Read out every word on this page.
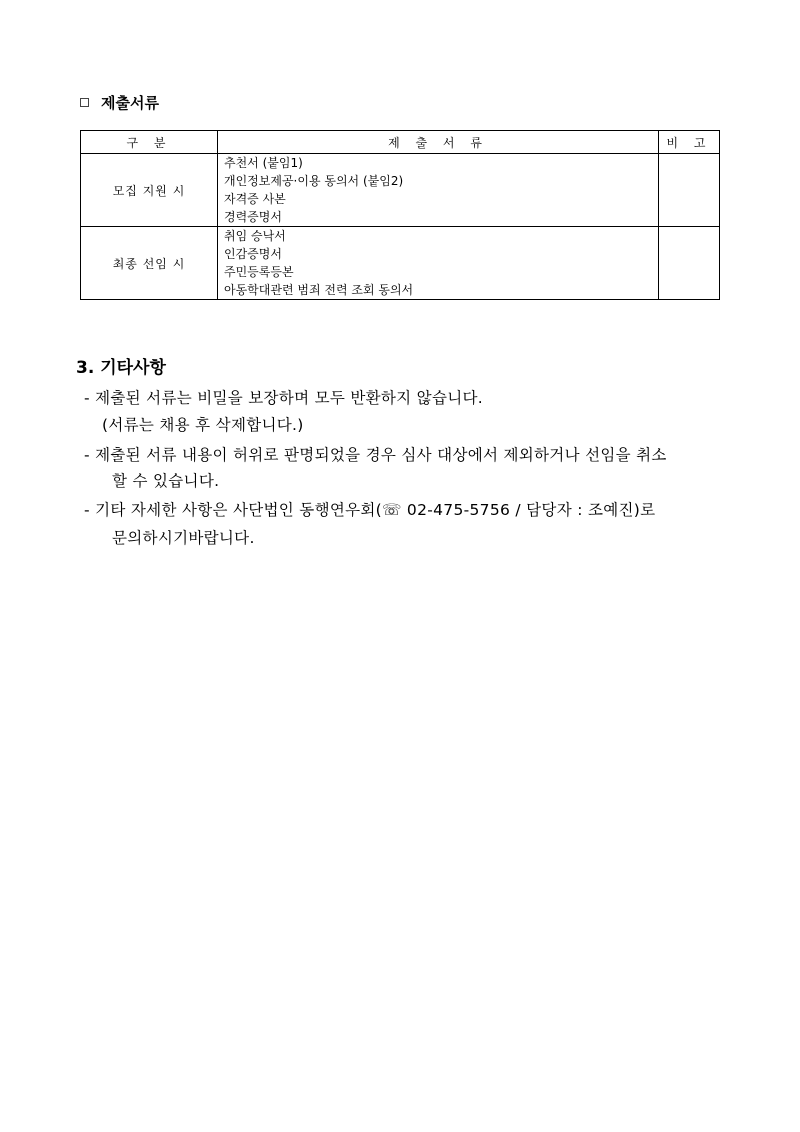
제출서류
구 분	제 출 서 류	비 고
모집 지원 시	추천서 (붙임1)
개인정보제공·이용 동의서 (붙임2)
자격증 사본
경력증명서	

최종 선임 시	취임 승낙서
인감증명서
주민등록등본
아동학대관련 범죄 전력 조회 동의서	

3. 기타사항
- 제출된 서류는 비밀을 보장하며 모두 반환하지 않습니다.
(서류는 채용 후 삭제합니다.)
- 제출된 서류 내용이 허위로 판명되었을 경우 심사 대상에서 제외하거나 선임을 취소
할 수 있습니다.
- 기타 자세한 사항은 사단법인 동행연우회(☏ 02-475-5756 / 담당자 : 조예진)로
문의하시기바랍니다.
